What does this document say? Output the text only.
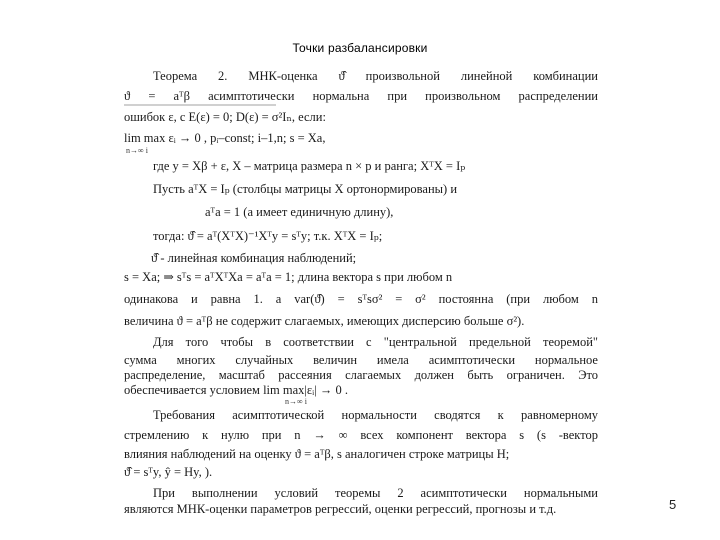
Точки разбалансировки
Теорема 2. МНК-оценка ϑ̂ произвольной линейной комбинации
ϑ = aᵀβ асимптотически нормальна при произвольном распределении
ошибок ε, с E(ε) = 0; D(ε) = σ²Iₙ, если:
lim max εᵢ → 0 , pᵢ–const; i–1,n; s = Xa,
n→∞ i
где y = Xβ + ε, X – матрица размера n × p и ранга; XᵀX = Iₚ
Пусть aᵀX = Iₚ (столбцы матрицы X ортонормированы) и
aᵀa = 1 (a имеет единичную длину),
тогда: ϑ̂ = aᵀ(XᵀX)⁻¹Xᵀy = sᵀy; т.к. XᵀX = Iₚ;
ϑ̂ - линейная комбинация наблюдений;
s = Xa; ⇒ sᵀs = aᵀXᵀXa = aᵀa = 1; длина вектора s при любом n
одинакова и равна 1. а var(ϑ̂) = sᵀsσ² = σ² постоянна (при любом n
величина ϑ = aᵀβ не содержит слагаемых, имеющих дисперсию больше σ²).
Для того чтобы в соответствии с "центральной предельной теоремой"
сумма многих случайных величин имела асимптотически нормальное
распределение, масштаб рассеяния слагаемых должен быть ограничен. Это
обеспечивается условием lim max|εᵢ| → 0 .
n→∞ i
Требования асимптотической нормальности сводятся к равномерному
стремлению к нулю при n → ∞ всех компонент вектора s (s -вектор
влияния наблюдений на оценку ϑ = aᵀβ, s аналогичен строке матрицы H;
ϑ̂ = sᵀy, ŷ = Hy, ).
При выполнении условий теоремы 2 асимптотически нормальными
являются МНК-оценки параметров регрессий, оценки регрессий, прогнозы и т.д.	5
